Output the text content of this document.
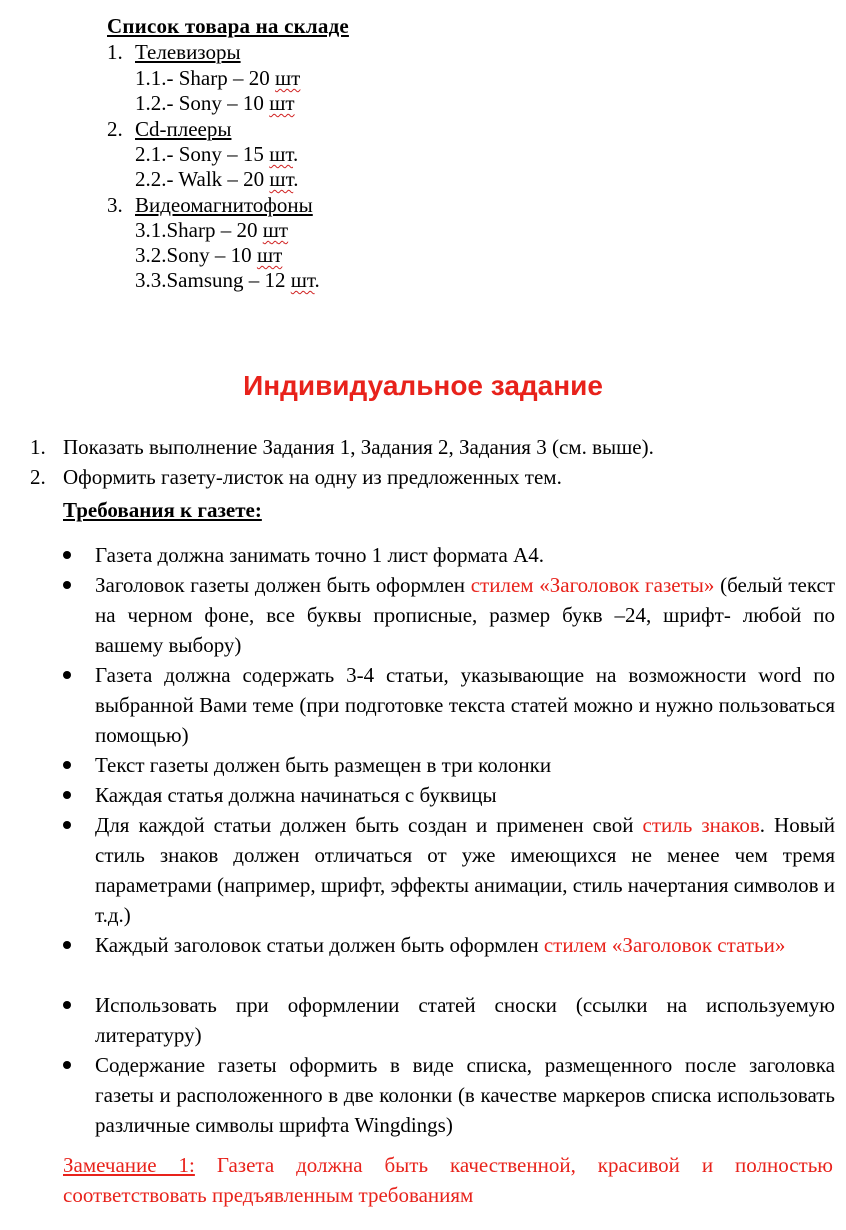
Список товара на складе
1. Телевизоры
1.1.- Sharp – 20 шт
1.2.- Sony – 10 шт
2. Cd-плееры
2.1.- Sony – 15 шт.
2.2.- Walk – 20 шт.
3. Видеомагнитофоны
3.1.Sharp – 20 шт
3.2.Sony – 10 шт
3.3.Samsung – 12 шт.
Индивидуальное задание
1. Показать выполнение Задания 1, Задания 2, Задания 3 (см. выше).
2. Оформить газету-листок на одну из предложенных тем.
Требования к газете:
Газета должна занимать точно 1 лист формата А4.
Заголовок газеты должен быть оформлен стилем «Заголовок газеты» (белый текст на черном фоне, все буквы прописные, размер букв –24, шрифт- любой по вашему выбору)
Газета должна содержать 3-4 статьи, указывающие на возможности word по выбранной Вами теме (при подготовке текста статей можно и нужно пользоваться помощью)
Текст газеты должен быть размещен в три колонки
Каждая статья должна начинаться с буквицы
Для каждой статьи должен быть создан и применен свой стиль знаков. Новый стиль знаков должен отличаться от уже имеющихся не менее чем тремя параметрами (например, шрифт, эффекты анимации, стиль начертания символов и т.д.)
Каждый заголовок статьи должен быть оформлен стилем «Заголовок статьи»
Использовать при оформлении статей сноски (ссылки на используемую литературу)
Содержание газеты оформить в виде списка, размещенного после заголовка газеты и расположенного в две колонки (в качестве маркеров списка использовать различные символы шрифта Wingdings)
Замечание 1: Газета должна быть качественной, красивой и полностью соответствовать предъявленным требованиям
